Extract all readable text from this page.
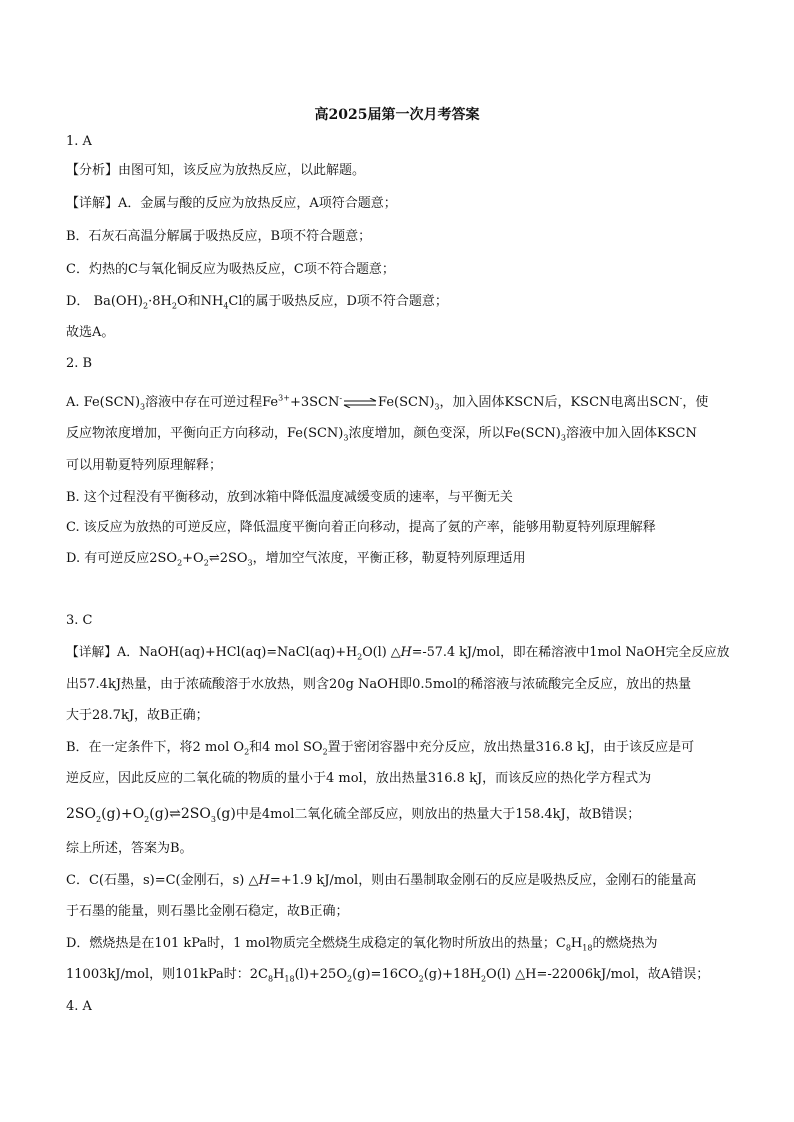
高2025届第一次月考答案
1. A
【分析】由图可知，该反应为放热反应，以此解题。
【详解】A．金属与酸的反应为放热反应，A项符合题意；
B．石灰石高温分解属于吸热反应，B项不符合题意；
C．灼热的C与氧化铜反应为吸热反应，C项不符合题意；
D． $Ba(OH)_2\cdot 8H_2O$和$NH_4Cl$的属于吸热反应，D项不符合题意；
故选A。
2. B
A. $Fe(SCN)_3$溶液中存在可逆过程$Fe^{3+}+3SCN^-\rightleftharpoons Fe(SCN)_3$，加入固体KSCN后，KSCN电离出SCN-，使
反应物浓度增加，平衡向正方向移动，$Fe(SCN)_3$浓度增加，颜色变深，所以$Fe(SCN)_3$溶液中加入固体KSCN
可以用勒夏特列原理解释；
B. 这个过程没有平衡移动，放到冰箱中降低温度减缓变质的速率，与平衡无关
C. 该反应为放热的可逆反应，降低温度平衡向着正向移动，提高了氨的产率，能够用勒夏特列原理解释
D. 有可逆反应$2SO_2+O_2\rightleftharpoons 2SO_3$，增加空气浓度，平衡正移，勒夏特列原理适用
3. C
【详解】A．$NaOH(aq)+HCl(aq)=NaCl(aq)+H_2O(l)$ △H=-57.4 kJ/mol，即在稀溶液中1mol NaOH完全反应放
出57.4kJ热量，由于浓硫酸溶于水放热，则含20g NaOH即0.5mol的稀溶液与浓硫酸完全反应，放出的热量
大于28.7kJ，故B正确；
B．在一定条件下，将2 mol $O_2$和4 mol $SO_2$置于密闭容器中充分反应，放出热量316.8 kJ，由于该反应是可
逆反应，因此反应的二氧化硫的物质的量小于4 mol，放出热量316.8 kJ，而该反应的热化学方程式为
$2SO_2(g)+O_2(g)\rightleftharpoons 2SO_3(g)$中是4mol二氧化硫全部反应，则放出的热量大于158.4kJ，故B错误；
综上所述，答案为B。
C．C(石墨，s)=C(金刚石，s) △H=+1.9 kJ/mol，则由石墨制取金刚石的反应是吸热反应，金刚石的能量高
于石墨的能量，则石墨比金刚石稳定，故B正确；
D．燃烧热是在101 kPa时，1 mol物质完全燃烧生成稳定的氧化物时所放出的热量；$C_8H_{18}$的燃烧热为
11003kJ/mol，则101kPa时：$2C_8H_{18}(l)+25O_2(g)=16CO_2(g)+18H_2O(l)$ △H=-22006kJ/mol，故A错误；
4. A
